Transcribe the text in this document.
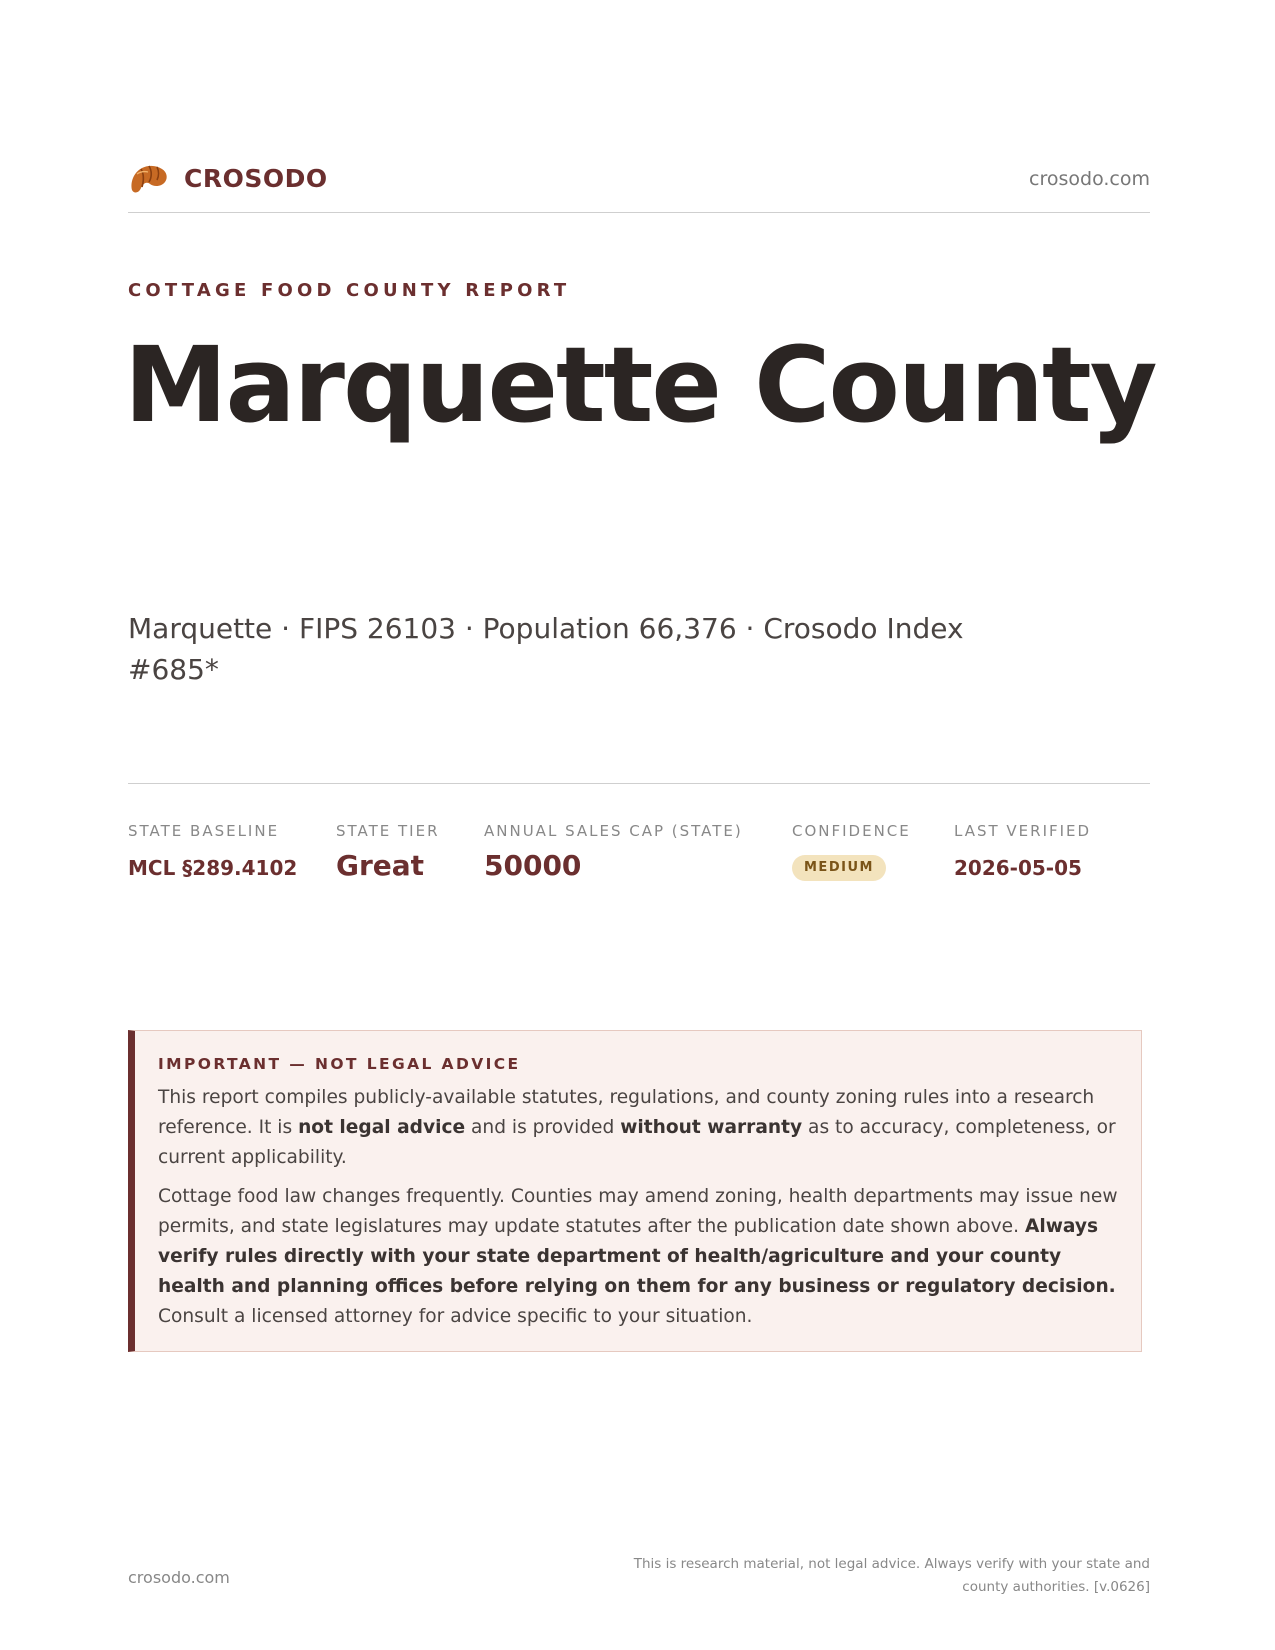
CROSODO	crosodo.com
COTTAGE FOOD COUNTY REPORT
Marquette County
Marquette · FIPS 26103 · Population 66,376 · Crosodo Index #685*
STATE BASELINE
MCL §289.4102
STATE TIER
Great
ANNUAL SALES CAP (STATE)
50000
CONFIDENCE
MEDIUM
LAST VERIFIED
2026-05-05
IMPORTANT — NOT LEGAL ADVICE

This report compiles publicly-available statutes, regulations, and county zoning rules into a research reference. It is not legal advice and is provided without warranty as to accuracy, completeness, or current applicability.

Cottage food law changes frequently. Counties may amend zoning, health departments may issue new permits, and state legislatures may update statutes after the publication date shown above. Always verify rules directly with your state department of health/agriculture and your county health and planning offices before relying on them for any business or regulatory decision. Consult a licensed attorney for advice specific to your situation.

crosodo.com
This is research material, not legal advice. Always verify with your state and county authorities. [v.0626]
